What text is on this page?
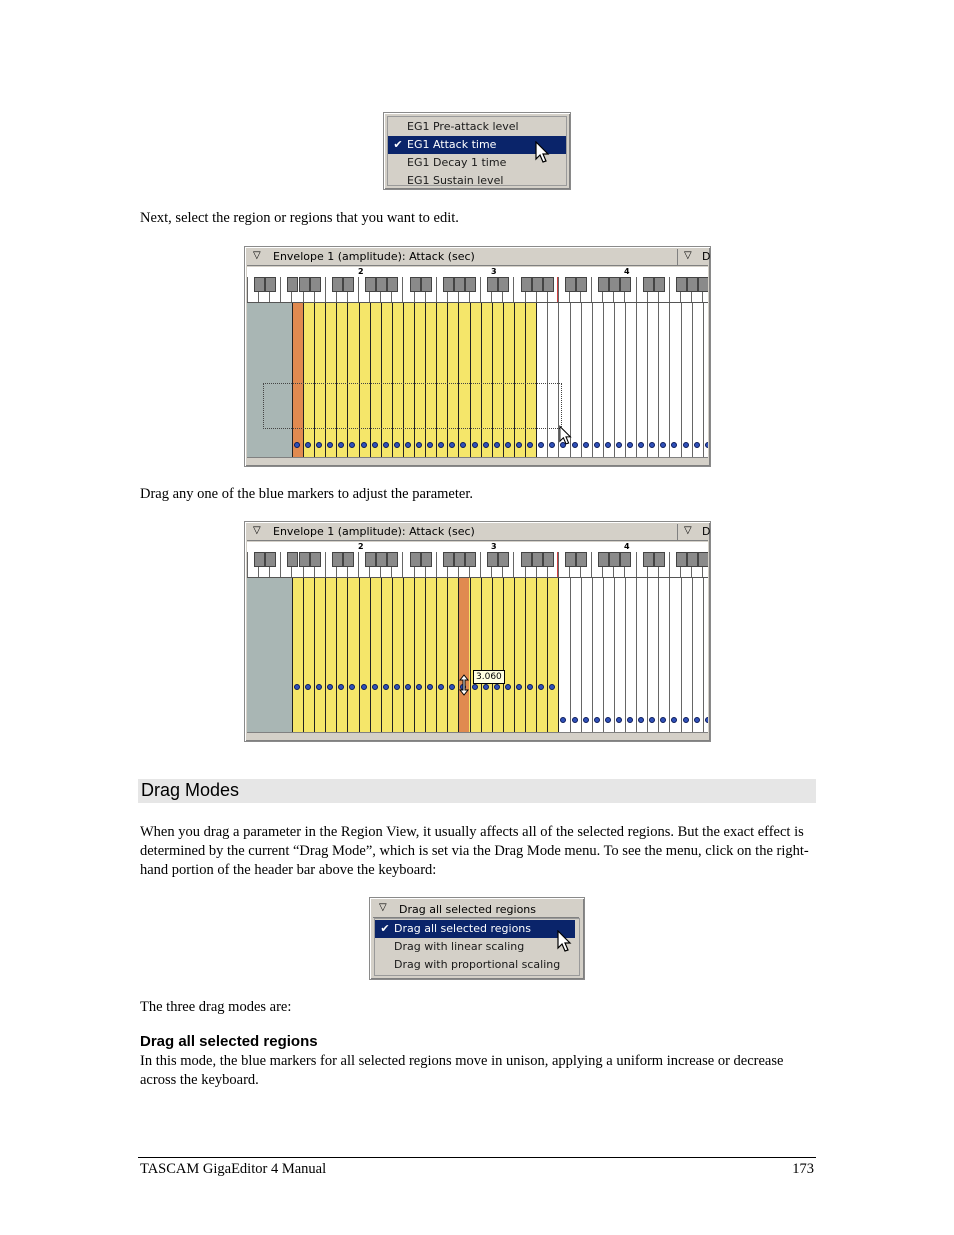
EG1 Pre-attack level
✔ EG1 Attack time
EG1 Decay 1 time
EG1 Sustain level
Next, select the region or regions that you want to edit.
▽ Envelope 1 (amplitude): Attack (sec)	▽ D
2	3	4
Drag any one of the blue markers to adjust the parameter.
▽ Envelope 1 (amplitude): Attack (sec)	▽ D
2	3	4
3.060
Drag Modes
When you drag a parameter in the Region View, it usually affects all of the selected regions. But the exact effect is determined by the current “Drag Mode”, which is set via the Drag Mode menu. To see the menu, click on the right-hand portion of the header bar above the keyboard:
▽ Drag all selected regions
✔ Drag all selected regions
Drag with linear scaling
Drag with proportional scaling
The three drag modes are:
Drag all selected regions
In this mode, the blue markers for all selected regions move in unison, applying a uniform increase or decrease across the keyboard.
TASCAM GigaEditor 4 Manual	173
